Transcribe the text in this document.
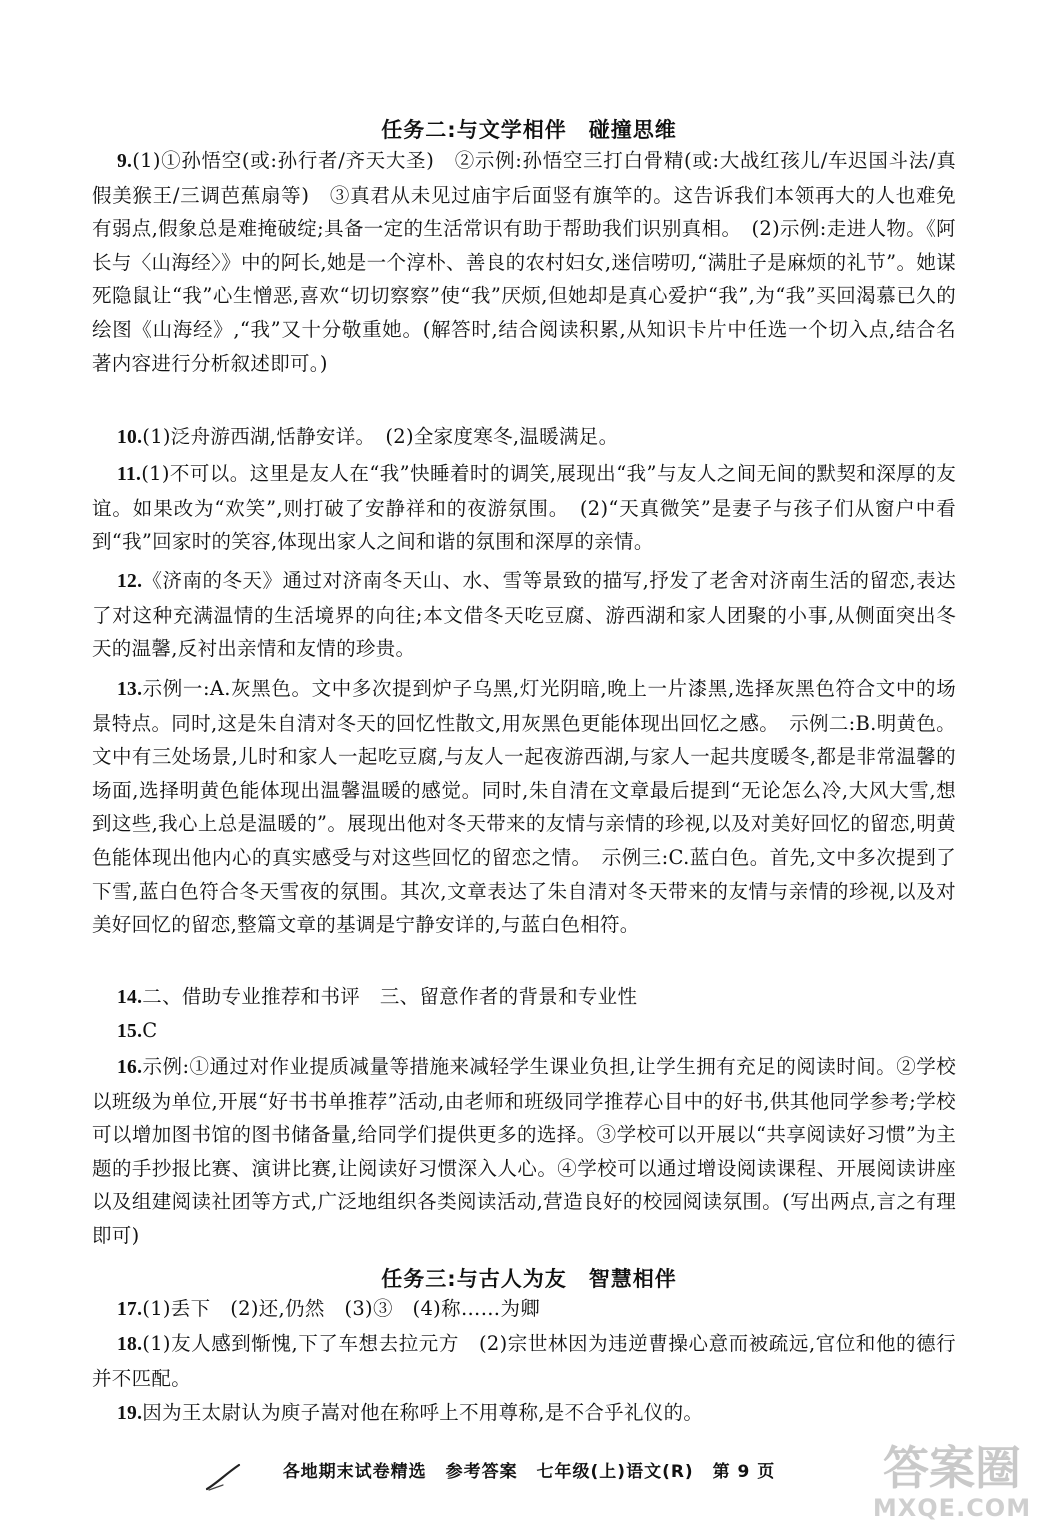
任务二:与文学相伴　碰撞思维
9.(1)①孙悟空(或:孙行者/齐天大圣)　②示例:孙悟空三打白骨精(或:大战红孩儿/车迟国斗法/真假美猴王/三调芭蕉扇等)　③真君从未见过庙宇后面竖有旗竿的。这告诉我们本领再大的人也难免有弱点,假象总是难掩破绽;具备一定的生活常识有助于帮助我们识别真相。　(2)示例:走进人物。《阿长与〈山海经〉》中的阿长,她是一个淳朴、善良的农村妇女,迷信唠叨,“满肚子是麻烦的礼节”。她谋死隐鼠让“我”心生憎恶,喜欢“切切察察”使“我”厌烦,但她却是真心爱护“我”,为“我”买回渴慕已久的绘图《山海经》,“我”又十分敬重她。(解答时,结合阅读积累,从知识卡片中任选一个切入点,结合名著内容进行分析叙述即可。)
10.(1)泛舟游西湖,恬静安详。　(2)全家度寒冬,温暖满足。
11.(1)不可以。这里是友人在“我”快睡着时的调笑,展现出“我”与友人之间无间的默契和深厚的友谊。如果改为“欢笑”,则打破了安静祥和的夜游氛围。　(2)“天真微笑”是妻子与孩子们从窗户中看到“我”回家时的笑容,体现出家人之间和谐的氛围和深厚的亲情。
12.《济南的冬天》通过对济南冬天山、水、雪等景致的描写,抒发了老舍对济南生活的留恋,表达了对这种充满温情的生活境界的向往;本文借冬天吃豆腐、游西湖和家人团聚的小事,从侧面突出冬天的温馨,反衬出亲情和友情的珍贵。
13.示例一:A.灰黑色。文中多次提到炉子乌黑,灯光阴暗,晚上一片漆黑,选择灰黑色符合文中的场景特点。同时,这是朱自清对冬天的回忆性散文,用灰黑色更能体现出回忆之感。　示例二:B.明黄色。文中有三处场景,儿时和家人一起吃豆腐,与友人一起夜游西湖,与家人一起共度暖冬,都是非常温馨的场面,选择明黄色能体现出温馨温暖的感觉。同时,朱自清在文章最后提到“无论怎么冷,大风大雪,想到这些,我心上总是温暖的”。展现出他对冬天带来的友情与亲情的珍视,以及对美好回忆的留恋,明黄色能体现出他内心的真实感受与对这些回忆的留恋之情。　示例三:C.蓝白色。首先,文中多次提到了下雪,蓝白色符合冬天雪夜的氛围。其次,文章表达了朱自清对冬天带来的友情与亲情的珍视,以及对美好回忆的留恋,整篇文章的基调是宁静安详的,与蓝白色相符。
14.二、借助专业推荐和书评　三、留意作者的背景和专业性
15.C
16.示例:①通过对作业提质减量等措施来减轻学生课业负担,让学生拥有充足的阅读时间。②学校以班级为单位,开展“好书书单推荐”活动,由老师和班级同学推荐心目中的好书,供其他同学参考;学校可以增加图书馆的图书储备量,给同学们提供更多的选择。③学校可以开展以“共享阅读好习惯”为主题的手抄报比赛、演讲比赛,让阅读好习惯深入人心。④学校可以通过增设阅读课程、开展阅读讲座以及组建阅读社团等方式,广泛地组织各类阅读活动,营造良好的校园阅读氛围。(写出两点,言之有理即可)
任务三:与古人为友　智慧相伴
17.(1)丢下　(2)还,仍然　(3)③　(4)称……为卿
18.(1)友人感到惭愧,下了车想去拉元方　(2)宗世林因为违逆曹操心意而被疏远,官位和他的德行并不匹配。
19.因为王太尉认为庾子嵩对他在称呼上不用尊称,是不合乎礼仪的。
各地期末试卷精选 参考答案 七年级(上)语文(R) 第 9 页	答案圈
MXQE.COM
